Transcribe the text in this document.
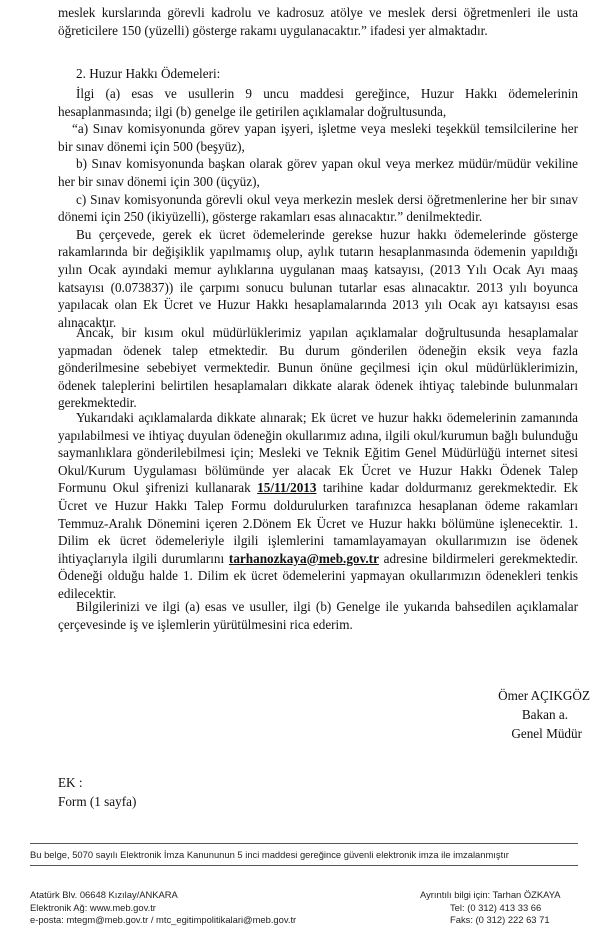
meslek kurslarında görevli kadrolu ve kadrosuz atölye ve meslek dersi öğretmenleri ile usta öğreticilere 150 (yüzelli) gösterge rakamı uygulanacaktır.” ifadesi yer almaktadır.

2. Huzur Hakkı Ödemeleri:

İlgi (a) esas ve usullerin 9 uncu maddesi gereğince, Huzur Hakkı ödemelerinin hesaplanmasında; ilgi (b) genelge ile getirilen açıklamalar doğrultusunda,

“a) Sınav komisyonunda görev yapan işyeri, işletme veya mesleki teşekkül temsilcilerine her bir sınav dönemi için 500 (beşyüz),

b) Sınav komisyonunda başkan olarak görev yapan okul veya merkez müdür/müdür vekiline her bir sınav dönemi için 300 (üçyüz),

c) Sınav komisyonunda görevli okul veya merkezin meslek dersi öğretmenlerine her bir sınav dönemi için 250 (ikiyüzelli), gösterge rakamları esas alınacaktır.” denilmektedir.

Bu çerçevede, gerek ek ücret ödemelerinde gerekse huzur hakkı ödemelerinde gösterge rakamlarında bir değişiklik yapılmamış olup, aylık tutarın hesaplanmasında ödemenin yapıldığı yılın Ocak ayındaki memur aylıklarına uygulanan maaş katsayısı, (2013 Yılı Ocak Ayı maaş katsayısı (0.073837)) ile çarpımı sonucu bulunan tutarlar esas alınacaktır. 2013 yılı boyunca yapılacak olan Ek Ücret ve Huzur Hakkı hesaplamalarında 2013 yılı Ocak ayı katsayısı esas alınacaktır.

Ancak, bir kısım okul müdürlüklerimiz yapılan açıklamalar doğrultusunda hesaplamalar yapmadan ödenek talep etmektedir. Bu durum gönderilen ödeneğin eksik veya fazla gönderilmesine sebebiyet vermektedir. Bunun önüne geçilmesi için okul müdürlüklerimizin, ödenek taleplerini belirtilen hesaplamaları dikkate alarak ödenek ihtiyaç talebinde bulunmaları gerekmektedir.

Yukarıdaki açıklamalarda dikkate alınarak; Ek ücret ve huzur hakkı ödemelerinin zamanında yapılabilmesi ve ihtiyaç duyulan ödeneğin okullarımız adına, ilgili okul/kurumun bağlı bulunduğu saymanlıklara gönderilebilmesi için; Mesleki ve Teknik Eğitim Genel Müdürlüğü internet sitesi Okul/Kurum Uygulaması bölümünde yer alacak Ek Ücret ve Huzur Hakkı Ödenek Talep Formunu Okul şifrenizi kullanarak 15/11/2013 tarihine kadar doldurmanız gerekmektedir. Ek Ücret ve Huzur Hakkı Talep Formu doldurulurken tarafınızca hesaplanan ödeme rakamları Temmuz-Aralık Dönemini içeren 2.Dönem Ek Ücret ve Huzur hakkı bölümüne işlenecektir. 1. Dilim ek ücret ödemeleriyle ilgili işlemlerini tamamlayamayan okullarımızın ise ödenek ihtiyaçlarıyla ilgili durumlarını tarhanozkaya@meb.gov.tr adresine bildirmeleri gerekmektedir. Ödeneği olduğu halde 1. Dilim ek ücret ödemelerini yapmayan okullarımızın ödenekleri tenkis edilecektir.

Bilgilerinizi ve ilgi (a) esas ve usuller, ilgi (b) Genelge ile yukarıda bahsedilen açıklamalar çerçevesinde iş ve işlemlerin yürütülmesini rica ederim.

Ömer AÇIKGÖZ
Bakan a.
Genel Müdür
EK :
Form (1 sayfa)
Bu belge, 5070 sayılı Elektronik İmza Kanununun 5 inci maddesi gereğince güvenli elektronik imza ile imzalanmıştır
Atatürk Blv. 06648 Kızılay/ANKARA
Elektronik Ağ: www.meb.gov.tr
e-posta: mtegm@meb.gov.tr / mtc_egitimpolitikalari@meb.gov.tr
Ayrıntılı bilgi için: Tarhan ÖZKAYA
Tel: (0 312) 413 33 66
Faks: (0 312) 222 63 71
